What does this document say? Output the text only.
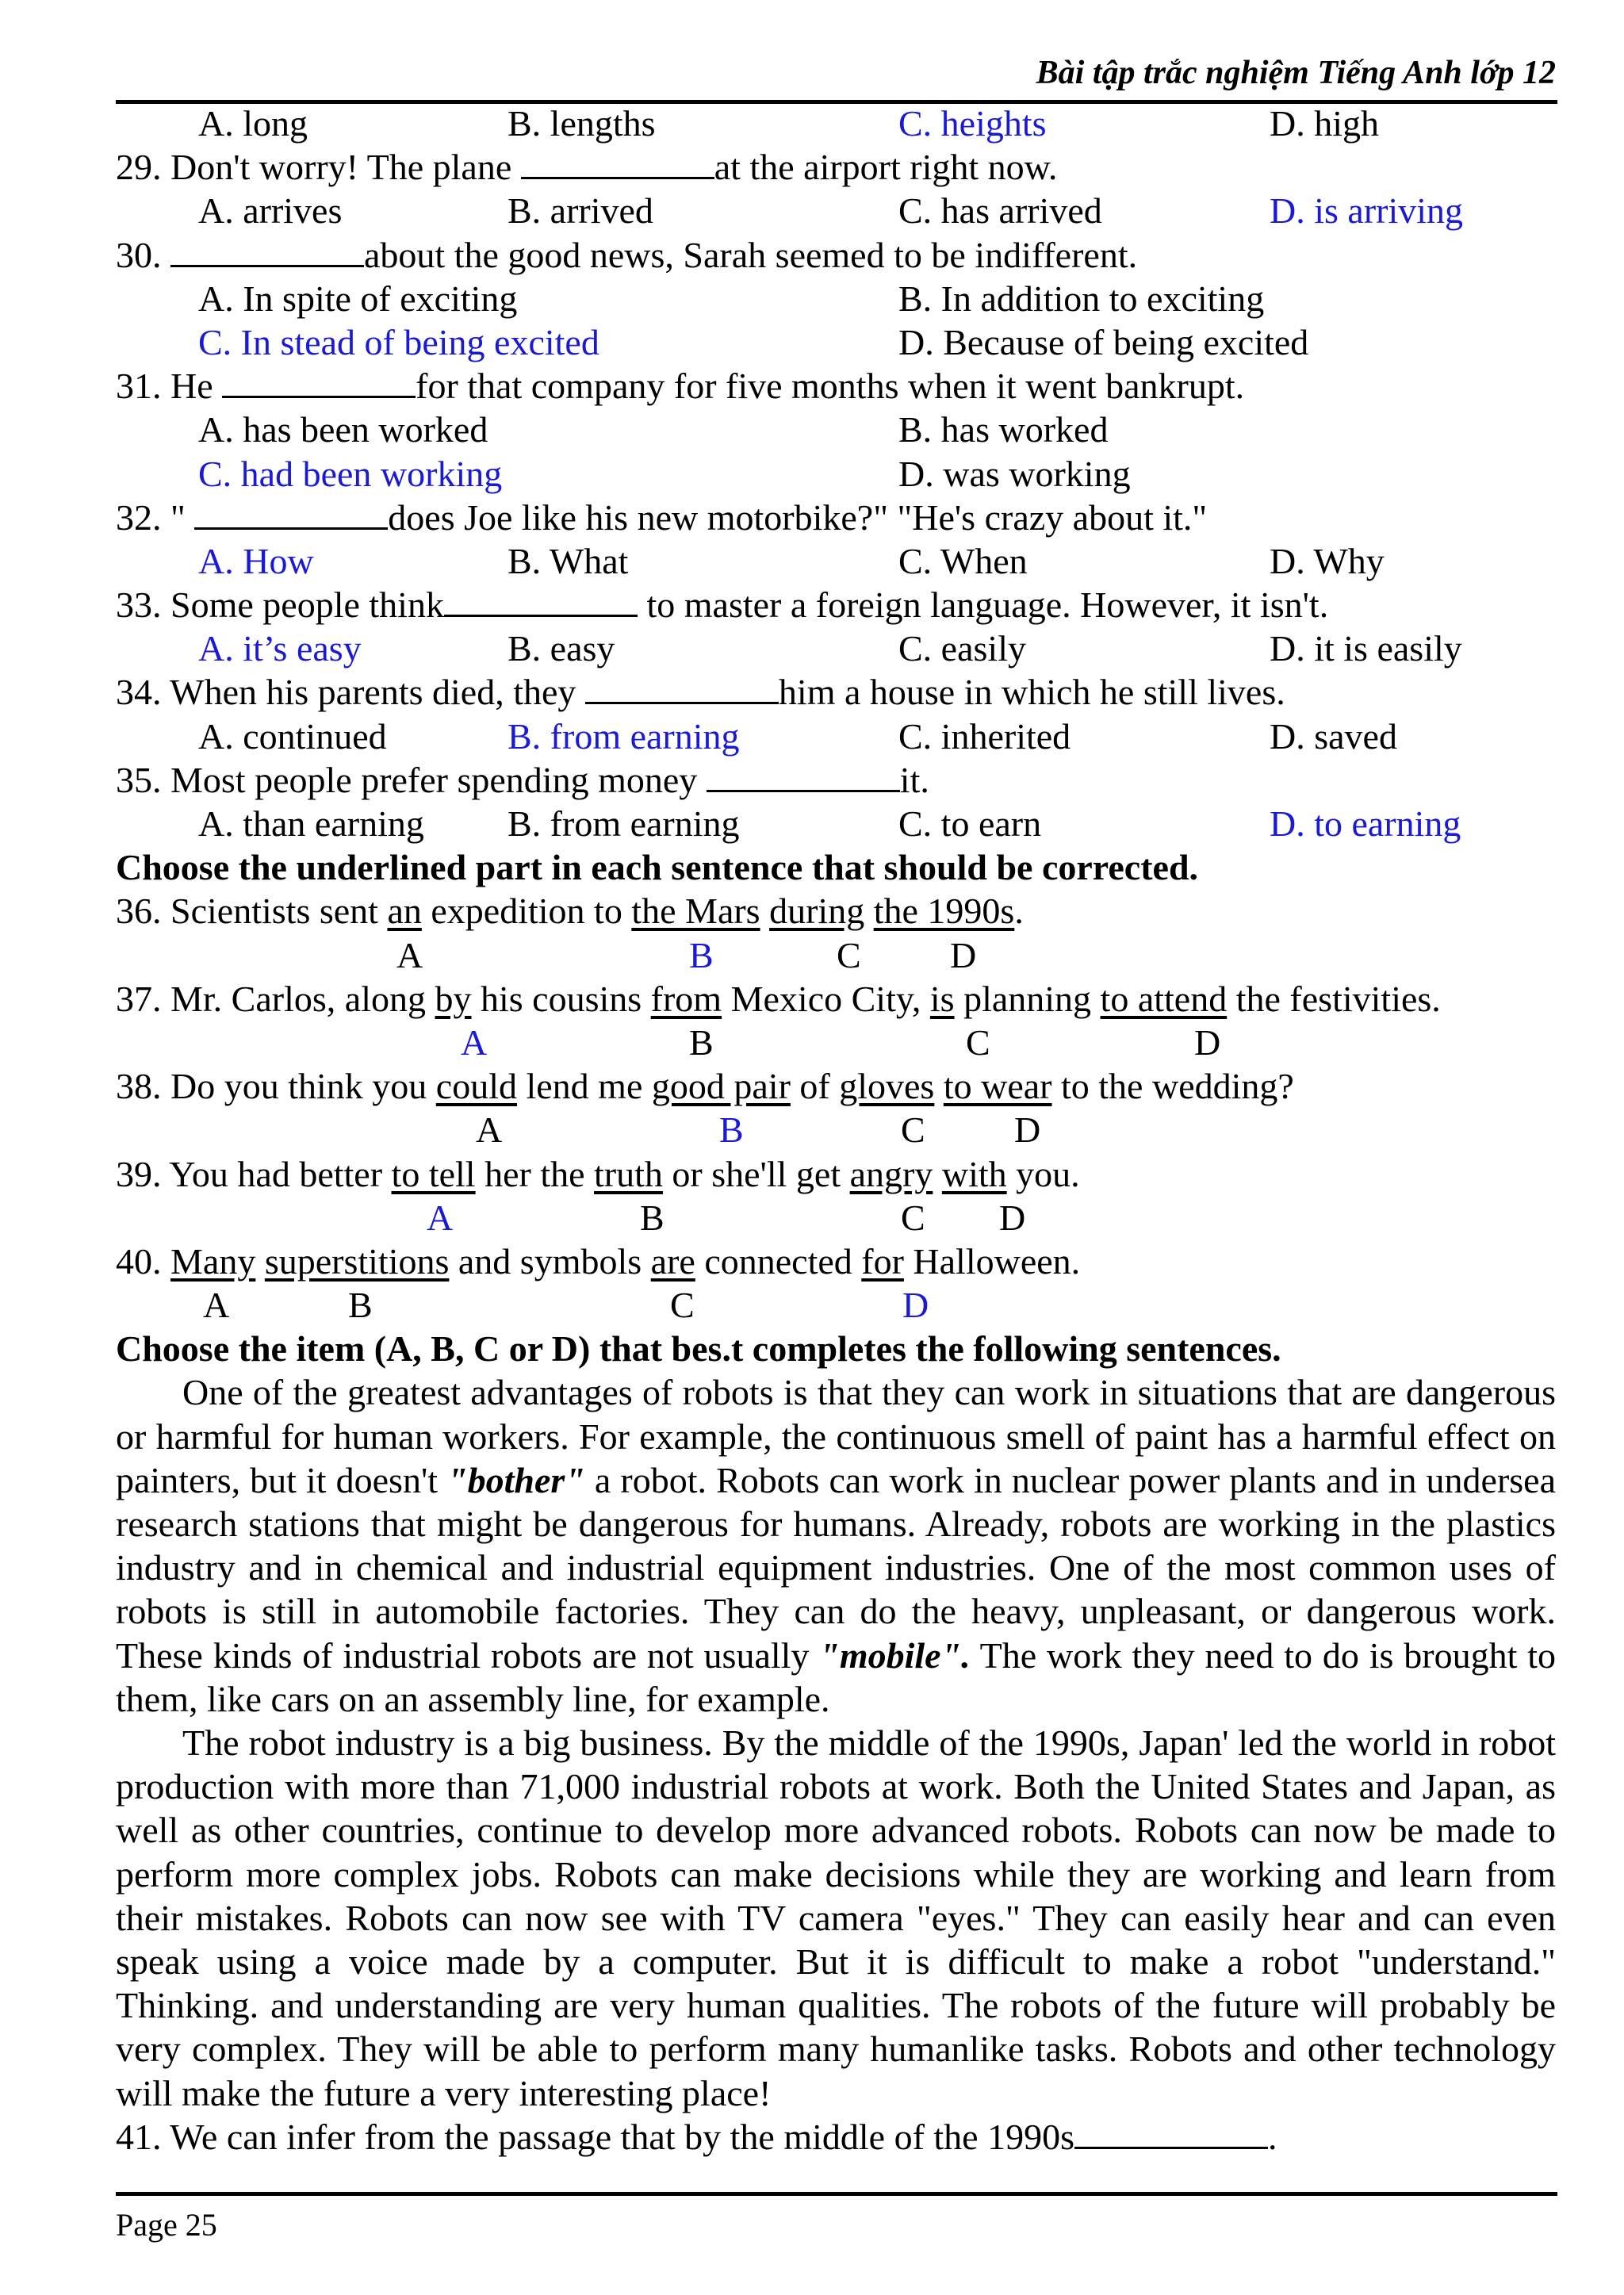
Bài tập trắc nghiệm Tiếng Anh lớp 12
A. long	B. lengths	C. heights	D. high
29. Don't worry! The plane	at the airport right now.
A. arrives	B. arrived	C. has arrived	D. is arriving
30.	about the good news, Sarah seemed to be indifferent.
A. In spite of exciting	B. In addition to exciting
C. In stead of being excited	D. Because of being excited
31. He	for that company for five months when it went bankrupt.
A. has been worked	B. has worked
C. had been working	D. was working
32. "	does Joe like his new motorbike?" "He's crazy about it."
A. How	B. What	C. When	D. Why
33. Some people think	to master a foreign language. However, it isn't.
A. it’s easy	B. easy	C. easily	D. it is easily
34. When his parents died, they	him a house in which he still lives.
A. continued	B. from earning	C. inherited	D. saved
35. Most people prefer spending money	it.
A. than earning B. from earning	C. to earn	D. to earning
Choose the underlined part in each sentence that should be corrected.
36. Scientists sent an expedition to the Mars during the 1990s.
A	B	C D
37. Mr. Carlos, along by his cousins from Mexico City, is planning to attend the festivities.
A	B	C	D
38. Do you think you could lend me good pair of gloves to wear to the wedding?
A	B	C D
39. You had better to tell her the truth or she'll get angry with you.
A	B	C D
40. Many superstitions and symbols are connected for Halloween.
A	B	C	D
Choose the item (A, B, C or D) that bes.t completes the following sentences.
One of the greatest advantages of robots is that they can work in situations that are dangerous or harmful for human workers. For example, the continuous smell of paint has a harmful effect on painters, but it doesn't "bother" a robot. Robots can work in nuclear power plants and in undersea research stations that might be dangerous for humans. Already, robots are working in the plastics industry and in chemical and industrial equipment industries. One of the most common uses of robots is still in automobile factories. They can do the heavy, unpleasant, or dangerous work. These kinds of industrial robots are not usually "mobile". The work they need to do is brought to them, like cars on an assembly line, for example.
The robot industry is a big business. By the middle of the 1990s, Japan' led the world in robot production with more than 71,000 industrial robots at work. Both the United States and Japan, as well as other countries, continue to develop more advanced robots. Robots can now be made to perform more complex jobs. Robots can make decisions while they are working and learn from their mistakes. Robots can now see with TV camera "eyes." They can easily hear and can even speak using a voice made by a computer. But it is difficult to make a robot "understand." Thinking. and understanding are very human qualities. The robots of the future will probably be very complex. They will be able to perform many humanlike tasks. Robots and other technology will make the future a very interesting place!
41. We can infer from the passage that by the middle of the 1990s	.
Page 25
